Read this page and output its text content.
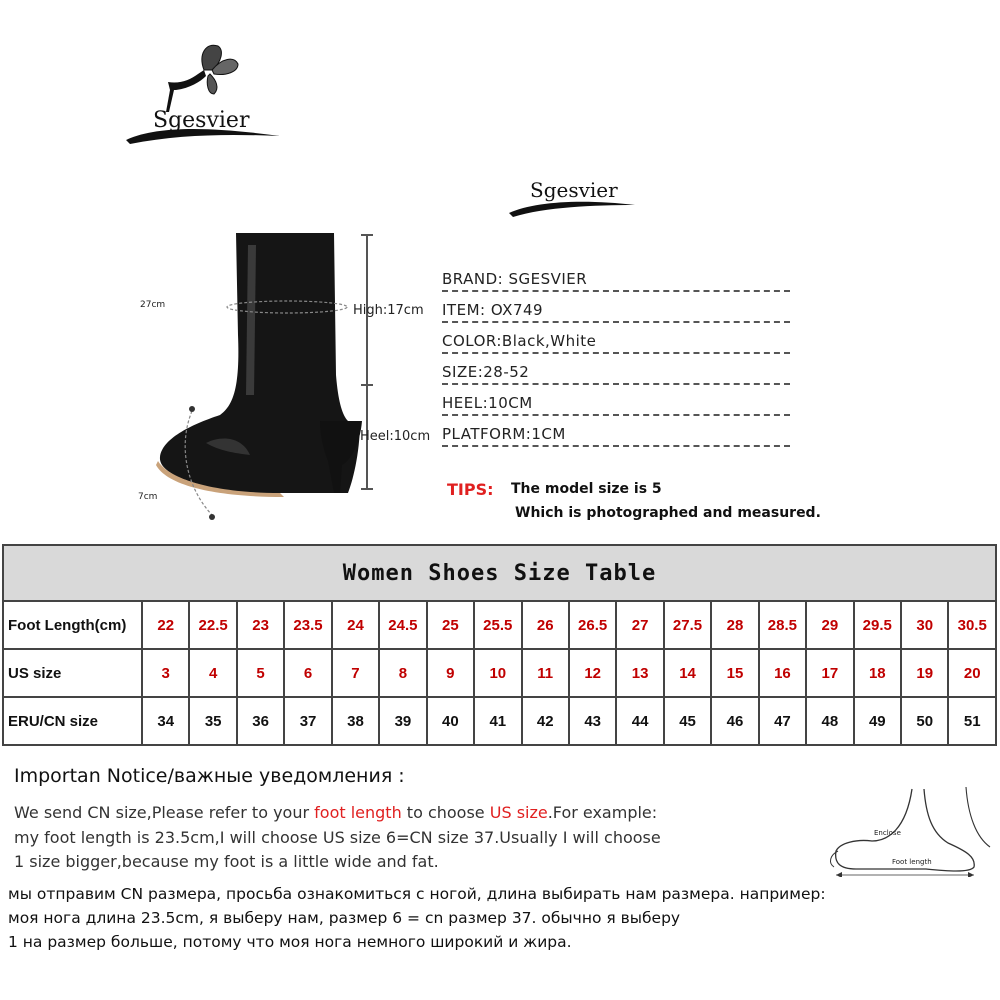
Sgesvier
Sgesvier
27cm	High:17cm
Heel:10cm
7cm
BRAND: SGESVIER
ITEM: OX749
COLOR:Black,White
SIZE:28-52
HEEL:10CM
PLATFORM:1CM
TIPS: The model size is 5
Which is photographed and measured.
Women Shoes Size Table																		
Foot Length(cm)	22	22.5	23	23.5	24	24.5	25	25.5	26	26.5	27	27.5	28	28.5	29	29.5	30	30.5
US size	3	4	5	6	7	8	9	10	11	12	13	14	15	16	17	18	19	20
ERU/CN size	34	35	36	37	38	39	40	41	42	43	44	45	46	47	48	49	50	51
Importan Notice/важные уведомления :
We send CN size,Please refer to your foot length to choose US size.For example:
my foot length is 23.5cm,I will choose US size 6=CN size 37.Usually I will choose
1 size bigger,because my foot is a little wide and fat.
мы отправим CN размера, просьба ознакомиться с ногой, длина выбирать нам размера. например:
моя нога длина 23.5cm, я выберу нам, размер 6 = cn размер 37. обычно я выберу
1 на размер больше, потому что моя нога немного широкий и жира.
Enclose
Foot length
